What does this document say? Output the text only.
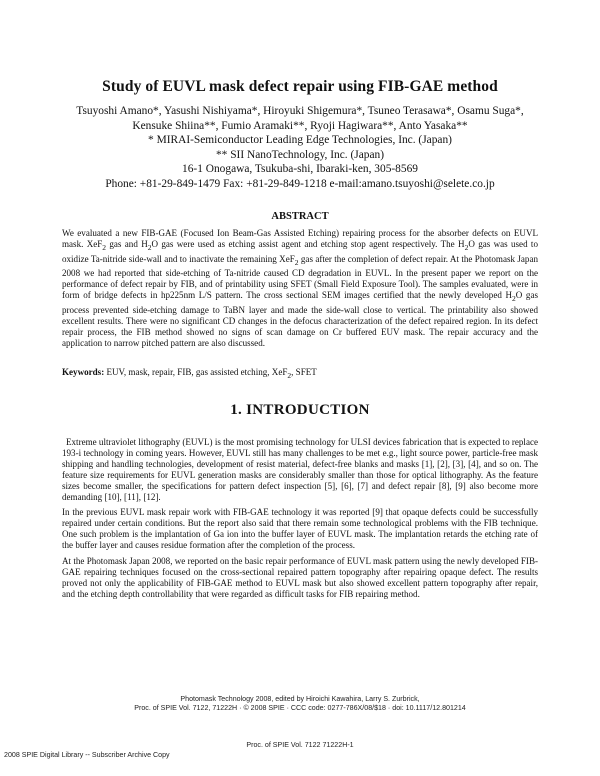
Study of EUVL mask defect repair using FIB-GAE method
Tsuyoshi Amano*, Yasushi Nishiyama*, Hiroyuki Shigemura*, Tsuneo Terasawa*, Osamu Suga*,
Kensuke Shiina**, Fumio Aramaki**, Ryoji Hagiwara**, Anto Yasaka**
* MIRAI-Semiconductor Leading Edge Technologies, Inc. (Japan)
** SII NanoTechnology, Inc. (Japan)
16-1 Onogawa, Tsukuba-shi, Ibaraki-ken, 305-8569
Phone: +81-29-849-1479 Fax: +81-29-849-1218 e-mail:amano.tsuyoshi@selete.co.jp
ABSTRACT
We evaluated a new FIB-GAE (Focused Ion Beam-Gas Assisted Etching) repairing process for the absorber defects on EUVL mask. XeF$_2$ gas and $H_2O$ gas were used as etching assist agent and etching stop agent respectively. The $H_2O$ gas was used to oxidize Ta-nitride side-wall and to inactivate the remaining XeF$_2$ gas after the completion of defect repair. At the Photomask Japan 2008 we had reported that side-etching of Ta-nitride caused CD degradation in EUVL. In the present paper we report on the performance of defect repair by FIB, and of printability using SFET (Small Field Exposure Tool). The samples evaluated, were in form of bridge defects in hp225nm L/S pattern. The cross sectional SEM images certified that the newly developed $H_2O$ gas process prevented side-etching damage to TaBN layer and made the side-wall close to vertical. The printability also showed excellent results. There were no significant CD changes in the defocus characterization of the defect repaired region. In its defect repair process, the FIB method showed no signs of scan damage on Cr buffered EUV mask. The repair accuracy and the application to narrow pitched pattern are also discussed.
Keywords: EUV, mask, repair, FIB, gas assisted etching, XeF$_2$, SFET
1. INTRODUCTION

Extreme ultraviolet lithography (EUVL) is the most promising technology for ULSI devices fabrication that is expected to replace 193-i technology in coming years. However, EUVL still has many challenges to be met e.g., light source power, particle-free mask shipping and handling technologies, development of resist material, defect-free blanks and masks [1], [2], [3], [4], and so on. The feature size requirements for EUVL generation masks are considerably smaller than those for optical lithography. As the feature sizes become smaller, the specifications for pattern defect inspection [5], [6], [7] and defect repair [8], [9] also become more demanding [10], [11], [12].

In the previous EUVL mask repair work with FIB-GAE technology it was reported [9] that opaque defects could be successfully repaired under certain conditions. But the report also said that there remain some technological problems with the FIB technique. One such problem is the implantation of Ga ion into the buffer layer of EUVL mask. The implantation retards the etching rate of the buffer layer and causes residue formation after the completion of the process.

At the Photomask Japan 2008, we reported on the basic repair performance of EUVL mask pattern using the newly developed FIB-GAE repairing techniques focused on the cross-sectional repaired pattern topography after repairing opaque defect. The results proved not only the applicability of FIB-GAE method to EUVL mask but also showed excellent pattern topography after repair, and the etching depth controllability that were regarded as difficult tasks for FIB repairing method.

Photomask Technology 2008, edited by Hiroichi Kawahira, Larry S. Zurbrick,
Proc. of SPIE Vol. 7122, 71222H · © 2008 SPIE · CCC code: 0277-786X/08/$18 · doi: 10.1117/12.801214
Proc. of SPIE Vol. 7122 71222H-1
2008 SPIE Digital Library -- Subscriber Archive Copy
